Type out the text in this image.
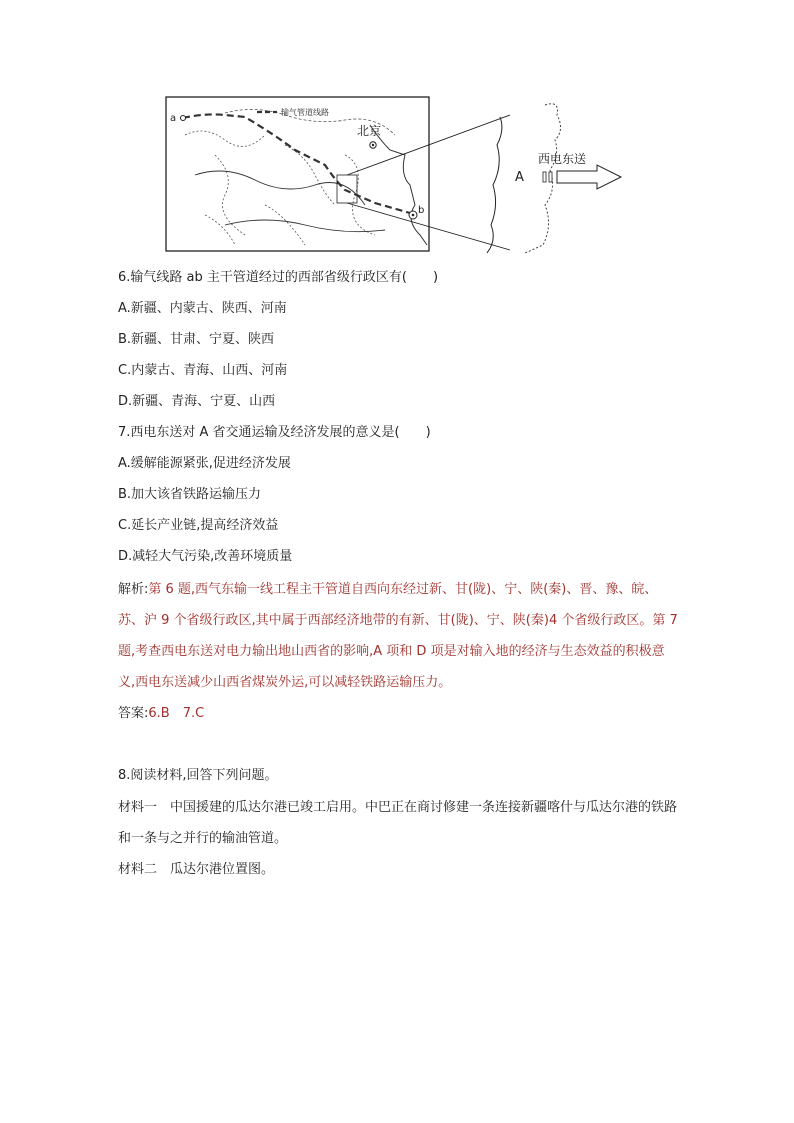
输气管道线路
a
北京
b
A
西电东送
6.输气线路 ab 主干管道经过的西部省级行政区有(　　)
A.新疆、内蒙古、陕西、河南
B.新疆、甘肃、宁夏、陕西
C.内蒙古、青海、山西、河南
D.新疆、青海、宁夏、山西
7.西电东送对 A 省交通运输及经济发展的意义是(　　)
A.缓解能源紧张,促进经济发展
B.加大该省铁路运输压力
C.延长产业链,提高经济效益
D.减轻大气污染,改善环境质量
解析:第 6 题,西气东输一线工程主干管道自西向东经过新、甘(陇)、宁、陕(秦)、晋、豫、皖、苏、沪 9 个省级行政区,其中属于西部经济地带的有新、甘(陇)、宁、陕(秦)4 个省级行政区。第 7 题,考查西电东送对电力输出地山西省的影响,A 项和 D 项是对输入地的经济与生态效益的积极意义,西电东送减少山西省煤炭外运,可以减轻铁路运输压力。
答案:6.B　7.C
8.阅读材料,回答下列问题。
材料一　中国援建的瓜达尔港已竣工启用。中巴正在商讨修建一条连接新疆喀什与瓜达尔港的铁路和一条与之并行的输油管道。
材料二　瓜达尔港位置图。
